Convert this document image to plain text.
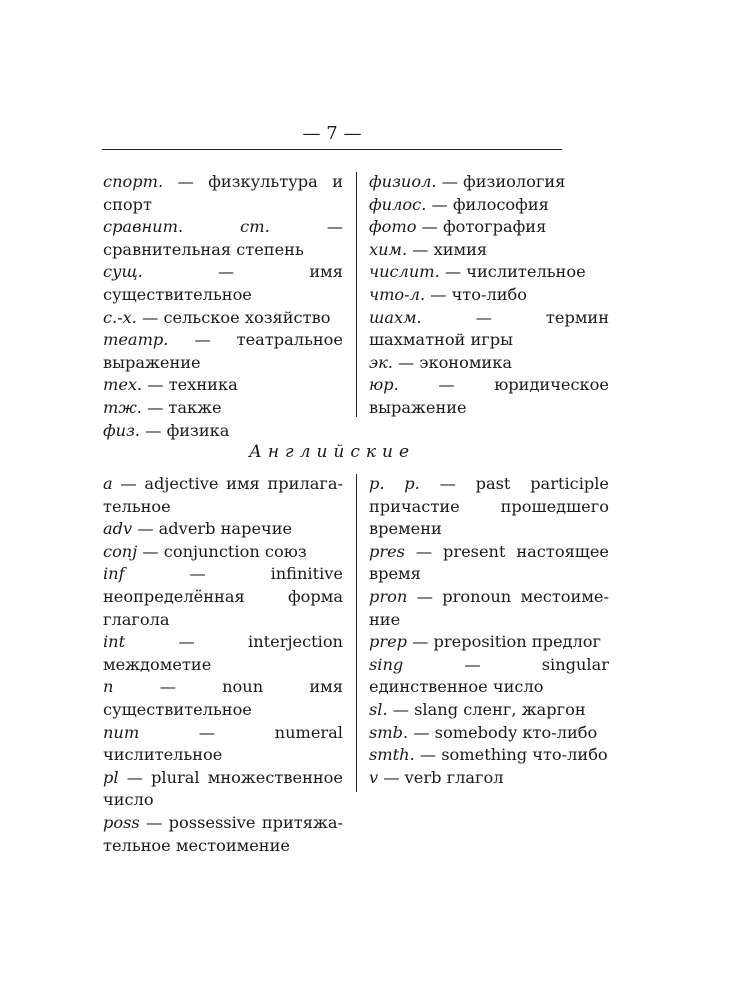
— 7 —
спорт. — физкультура и спорт
сравнит. ст.	— сравнительная степень
сущ.	— имя существительное
с.-х. — сельское хозяйство
театр. — театральное выражение
тех. — техника
тж. — также
физ. — физика
физиол. — физиология
филос. — философия
фото — фотография
хим. — химия
числит. — числительное
что-л. — что-либо
шахм.	— термин шахматной игры
эк. — экономика
юр. — юридическое выражение
Английские
a — adjective имя прилагательное
adv — adverb наречие
conj — conjunction союз
inf	— infinitive неопределённая форма глагола
int	— interjection междометие
n	— noun имя существительное
num	— numeral числительное
pl — plural множественное число
poss — possessive притяжательное местоимение
p. p. — past participle причастие прошедшего времени
pres — present настоящее время
pron — pronoun местоимение
prep — preposition предлог
sing	— singular единственное число
sl. — slang сленг, жаргон
smb. — somebody кто-либо
smth. — something что-либо
v — verb глагол
